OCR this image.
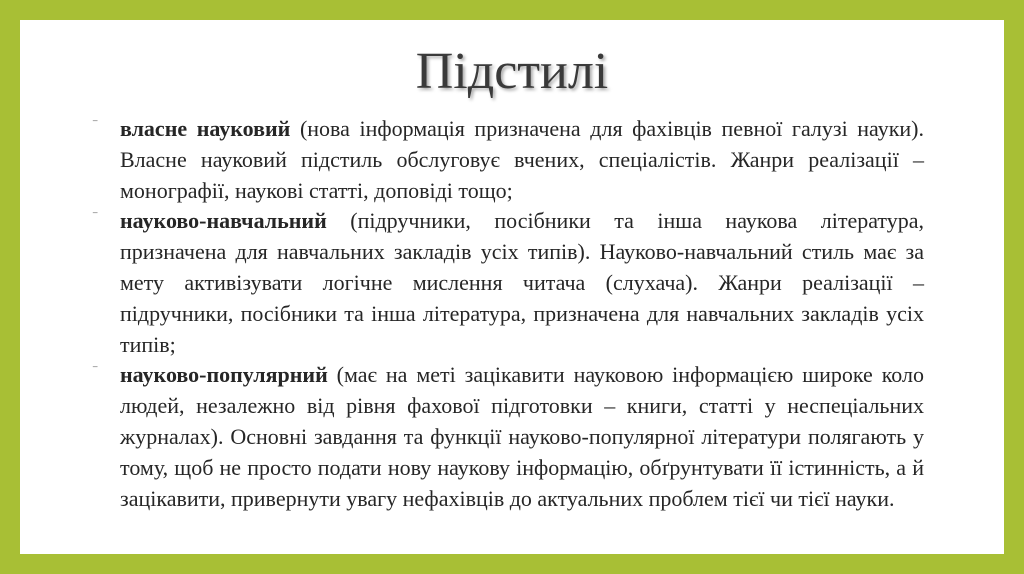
Підстилі
⁻ власне науковий (нова інформація призначена для фахівців певної галузі науки). Власне науковий підстиль обслуговує вчених, спеціалістів. Жанри реалізації – монографії, наукові статті, доповіді тощо;
⁻ науково-навчальний (підручники, посібники та інша наукова література, призначена для навчальних закладів усіх типів). Науково-навчальний стиль має за мету активізувати логічне мислення читача (слухача). Жанри реалізації – підручники, посібники та інша література, призначена для навчальних закладів усіх типів;
⁻ науково-популярний (має на меті зацікавити науковою інформацією широке коло людей, незалежно від рівня фахової підготовки – книги, статті у неспеціальних журналах). Основні завдання та функції науково-популярної літератури полягають у тому, щоб не просто подати нову наукову інформацію, обґрунтувати її істинність, а й зацікавити, привернути увагу нефахівців до актуальних проблем тієї чи тієї науки.
